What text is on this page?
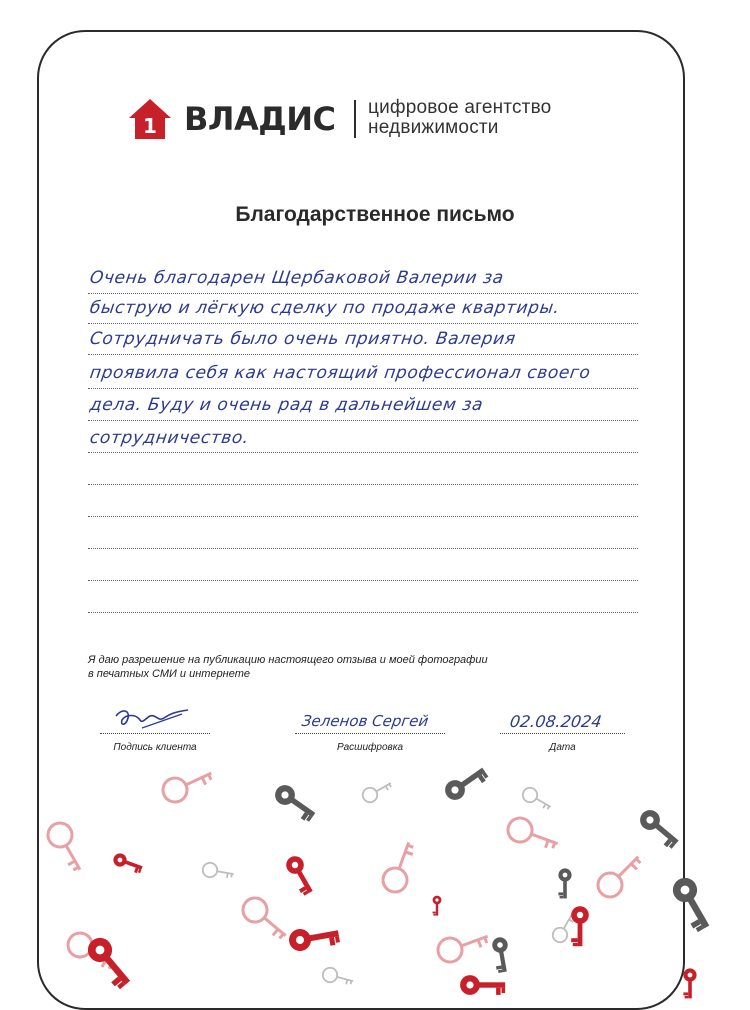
1 ВЛАДИС цифровое агентство
недвижимости
Благодарственное письмо
Очень благодарен Щербаковой Валерии за
быструю и лёгкую сделку по продаже квартиры.
Сотрудничать было очень приятно. Валерия
проявила себя как настоящий профессионал своего
дела. Буду и очень рад в дальнейшем за
сотрудничество.
Я даю разрешение на публикацию настоящего отзыва и моей фотографии
в печатных СМИ и интернете
Подпись клиента
Зеленов Сергей
Расшифровка
02.08.2024
Дата
